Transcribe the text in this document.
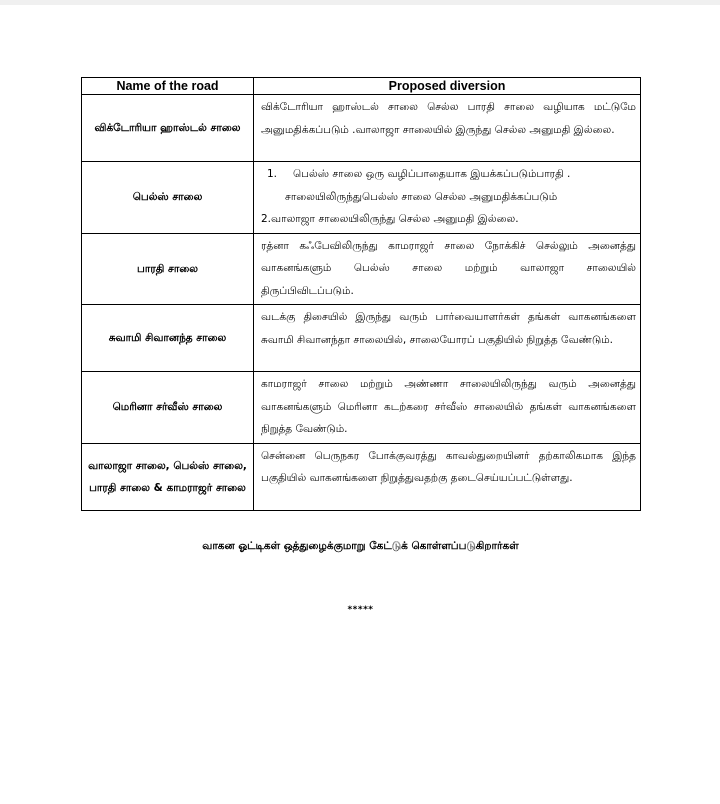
Name of the road	Proposed diversion
விக்டோரியா ஹாஸ்டல் சாலை	விக்டோரியா ஹாஸ்டல் சாலை செல்ல பாரதி சாலை வழியாக மட்டுமே அனுமதிக்கப்படும் .வாலாஜா சாலையில் இருந்து செல்ல அனுமதி இல்லை.
பெல்ஸ் சாலை	1. பெல்ஸ் சாலை ஒரு வழிப்பாதையாக இயக்கப்படும்பாரதி .
சாலையிலிருந்துபெல்ஸ் சாலை செல்ல அனுமதிக்கப்படும்
2.வாலாஜா சாலையிலிருந்து செல்ல அனுமதி இல்லை.

பாரதி சாலை	ரத்னா கஃபேவிலிருந்து காமராஜர் சாலை நோக்கிச் செல்லும் அனைத்து வாகனங்களும் பெல்ஸ் சாலை மற்றும் வாலாஜா சாலையில் திருப்பிவிடப்படும்.
சுவாமி சிவானந்த சாலை	வடக்கு திசையில் இருந்து வரும் பார்வையாளர்கள் தங்கள் வாகனங்களை சுவாமி சிவானந்தா சாலையில், சாலையோரப் பகுதியில் நிறுத்த வேண்டும்.
மெரினா சர்வீஸ் சாலை	காமராஜர் சாலை மற்றும் அண்ணா சாலையிலிருந்து வரும் அனைத்து வாகனங்களும் மெரினா கடற்கரை சர்வீஸ் சாலையில் தங்கள் வாகனங்களை நிறுத்த வேண்டும்.
வாலாஜா சாலை, பெல்ஸ் சாலை, பாரதி சாலை & காமராஜர் சாலை	சென்னை பெருநகர போக்குவரத்து காவல்துறையினர் தற்காலிகமாக இந்த பகுதியில் வாகனங்களை நிறுத்துவதற்கு தடைசெய்யப்பட்டுள்ளது.
வாகன ஓட்டிகள் ஒத்துழைக்குமாறு கேட்டுக் கொள்ளப்படுகிறார்கள்
*****
